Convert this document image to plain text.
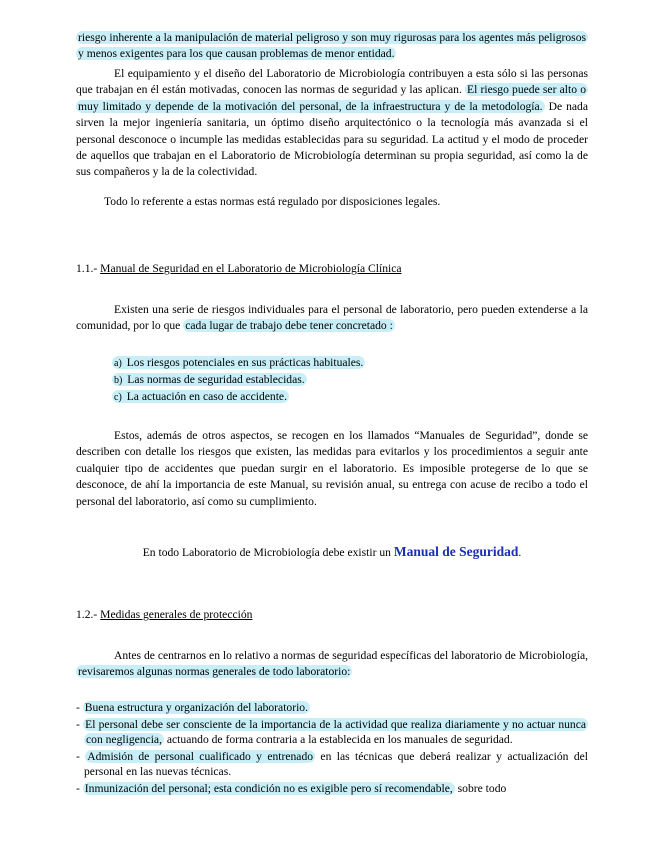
riesgo inherente a la manipulación de material peligroso y son muy rigurosas para los agentes más peligrosos y menos exigentes para los que causan problemas de menor entidad.

El equipamiento y el diseño del Laboratorio de Microbiología contribuyen a esta sólo si las personas que trabajan en él están motivadas, conocen las normas de seguridad y las aplican. El riesgo puede ser alto o muy limitado y depende de la motivación del personal, de la infraestructura y de la metodología. De nada sirven la mejor ingeniería sanitaria, un óptimo diseño arquitectónico o la tecnología más avanzada si el personal desconoce o incumple las medidas establecidas para su seguridad. La actitud y el modo de proceder de aquellos que trabajan en el Laboratorio de Microbiología determinan su propia seguridad, así como la de sus compañeros y la de la colectividad.

Todo lo referente a estas normas está regulado por disposiciones legales.

1.1.- Manual de Seguridad en el Laboratorio de Microbiología Clínica

Existen una serie de riesgos individuales para el personal de laboratorio, pero pueden extenderse a la comunidad, por lo que cada lugar de trabajo debe tener concretado :

a) Los riesgos potenciales en sus prácticas habituales.
b) Las normas de seguridad establecidas.
c) La actuación en caso de accidente.

Estos, además de otros aspectos, se recogen en los llamados “Manuales de Seguridad”, donde se describen con detalle los riesgos que existen, las medidas para evitarlos y los procedimientos a seguir ante cualquier tipo de accidentes que puedan surgir en el laboratorio. Es imposible protegerse de lo que se desconoce, de ahí la importancia de este Manual, su revisión anual, su entrega con acuse de recibo a todo el personal del laboratorio, así como su cumplimiento.

En todo Laboratorio de Microbiología debe existir un Manual de Seguridad.

1.2.- Medidas generales de protección

Antes de centrarnos en lo relativo a normas de seguridad específicas del laboratorio de Microbiología, revisaremos algunas normas generales de todo laboratorio:

- Buena estructura y organización del laboratorio.
- El personal debe ser consciente de la importancia de la actividad que realiza diariamente y no actuar nunca con negligencia, actuando de forma contraria a la establecida en los manuales de seguridad.
- Admisión de personal cualificado y entrenado en las técnicas que deberá realizar y actualización del personal en las nuevas técnicas.
- Inmunización del personal; esta condición no es exigible pero sí recomendable, sobre todo
